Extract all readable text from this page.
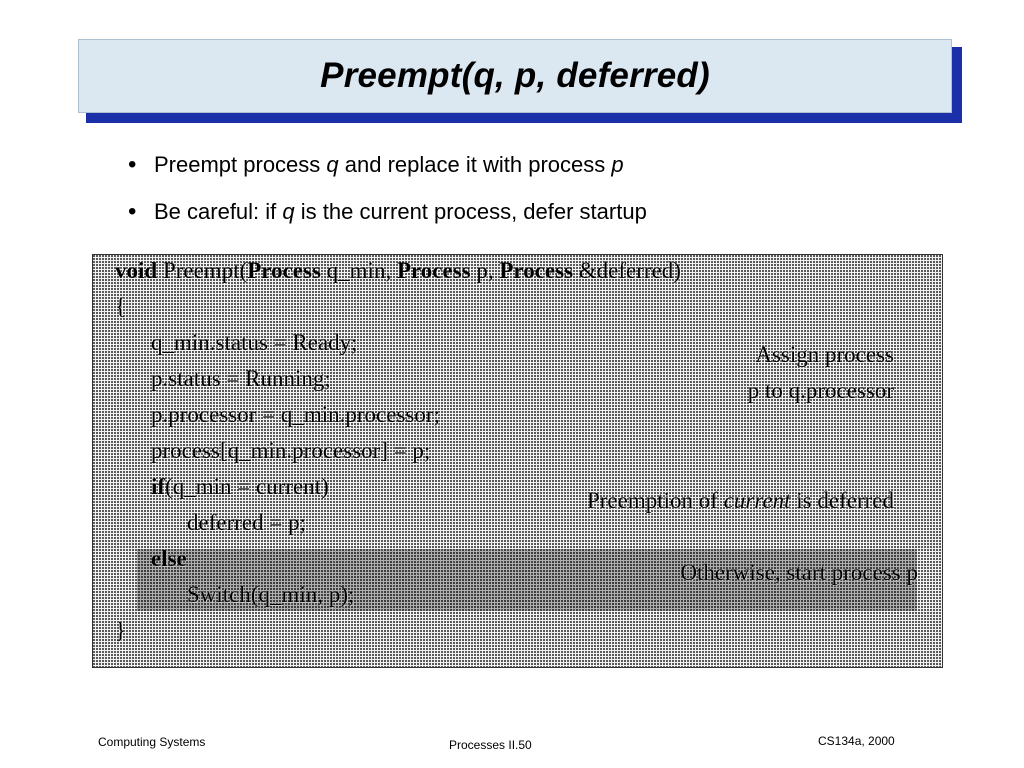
Preempt(q, p, deferred)
• Preempt process q and replace it with process p
• Be careful: if q is the current process, defer startup
void Preempt(Process q_min, Process p, Process &deferred)
{
q_min.status = Ready;
p.status = Running;
p.processor = q_min.processor;
process[q_min.processor] = p;
if(q_min = current)
deferred = p;
else
Switch(q_min, p);
}
Assign process
p to q.processor
Preemption of current is deferred
Otherwise, start process p
Computing Systems	Processes II.50	CS134a, 2000
